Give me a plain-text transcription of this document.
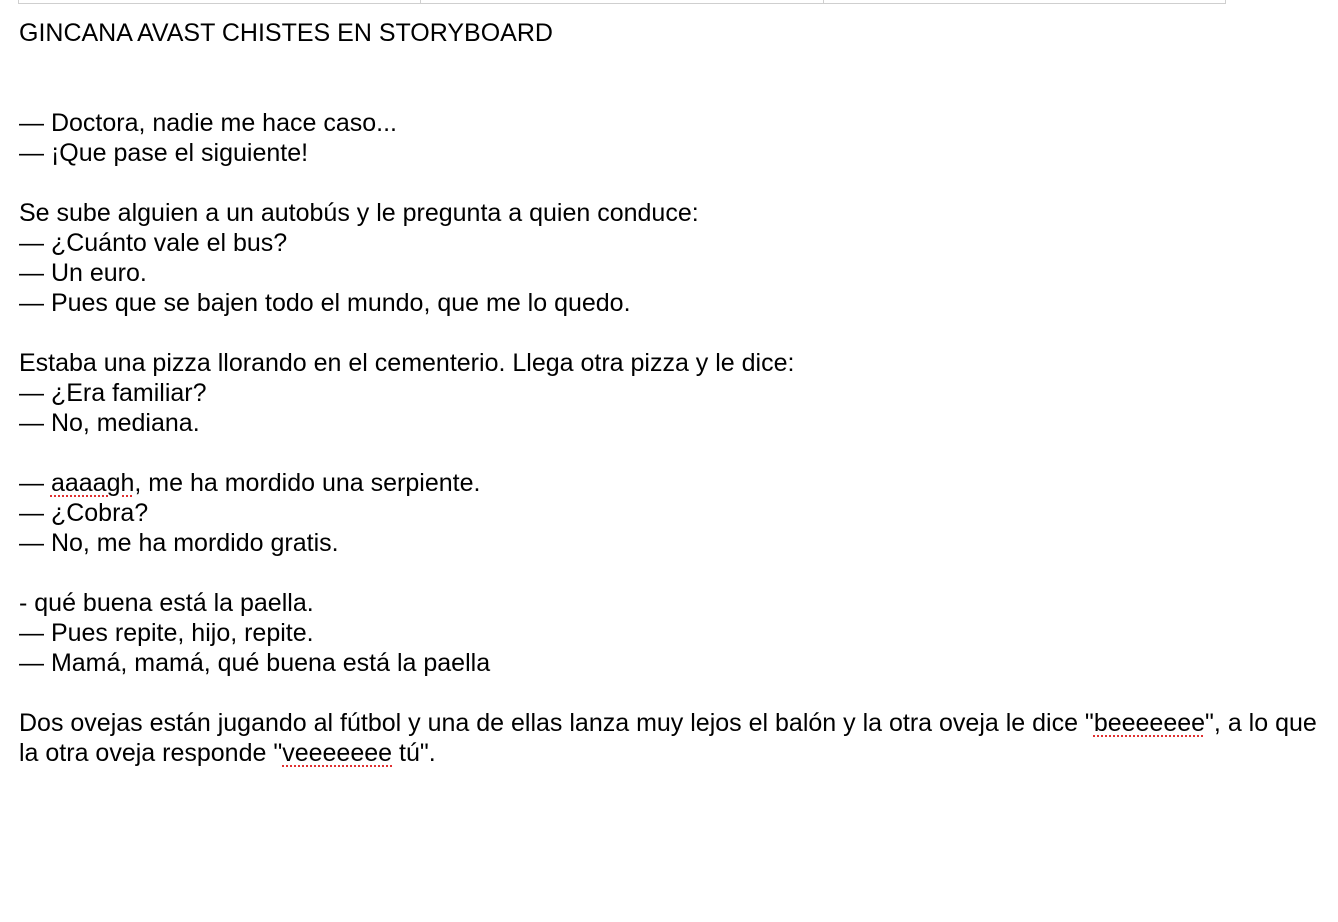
GINCANA AVAST CHISTES EN STORYBOARD
— Doctora, nadie me hace caso...
— ¡Que pase el siguiente!
Se sube alguien a un autobús y le pregunta a quien conduce:
— ¿Cuánto vale el bus?
— Un euro.
— Pues que se bajen todo el mundo, que me lo quedo.
Estaba una pizza llorando en el cementerio. Llega otra pizza y le dice:
— ¿Era familiar?
— No, mediana.
— aaaagh, me ha mordido una serpiente.
— ¿Cobra?
— No, me ha mordido gratis.
- qué buena está la paella.
— Pues repite, hijo, repite.
— Mamá, mamá, qué buena está la paella
Dos ovejas están jugando al fútbol y una de ellas lanza muy lejos el balón y la otra oveja le dice "beeeeeee", a lo que la otra oveja responde "veeeeeee tú".
